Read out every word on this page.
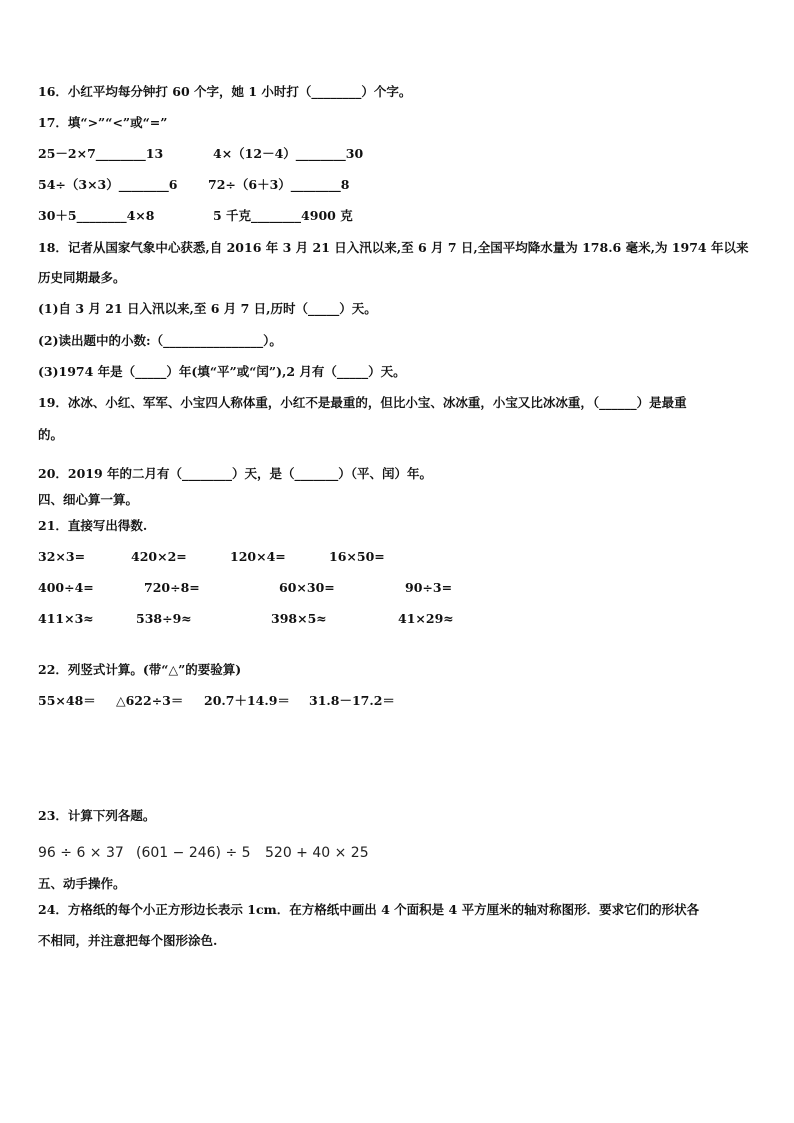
16．小红平均每分钟打 60 个字，她 1 小时打（________）个字。
17．填“>”“<”或“=”
25－2×7________13	4×（12－4）________30
54÷（3×3）________6 72÷（6＋3）________8
30＋5________4×8	5 千克________4900 克
18．记者从国家气象中心获悉,自 2016 年 3 月 21 日入汛以来,至 6 月 7 日,全国平均降水量为 178.6 毫米,为 1974 年以来
历史同期最多。
(1)自 3 月 21 日入汛以来,至 6 月 7 日,历时（_____）天。
(2)读出题中的小数:（________________）。
(3)1974 年是（_____）年(填“平”或“闰”),2 月有（_____）天。
19．冰冰、小红、军军、小宝四人称体重，小红不是最重的，但比小宝、冰冰重，小宝又比冰冰重，（______）是最重
的。
20．2019 年的二月有（________）天，是（_______）（平、闰）年。
四、细心算一算。
21．直接写出得数.
32×3=	420×2=	120×4=	16×50=
400÷4=	720÷8=	60×30=	90÷3=
411×3≈	538÷9≈	398×5≈	41×29≈
22．列竖式计算。(带“△”的要验算)
55×48＝ △622÷3＝ 20.7＋14.9＝ 31.8－17.2＝
23．计算下列各题。
96 ÷ 6 × 37 (601 − 246) ÷ 5 520 + 40 × 25
五、动手操作。
24．方格纸的每个小正方形边长表示 1cm．在方格纸中画出 4 个面积是 4 平方厘米的轴对称图形．要求它们的形状各
不相同，并注意把每个图形涂色.
